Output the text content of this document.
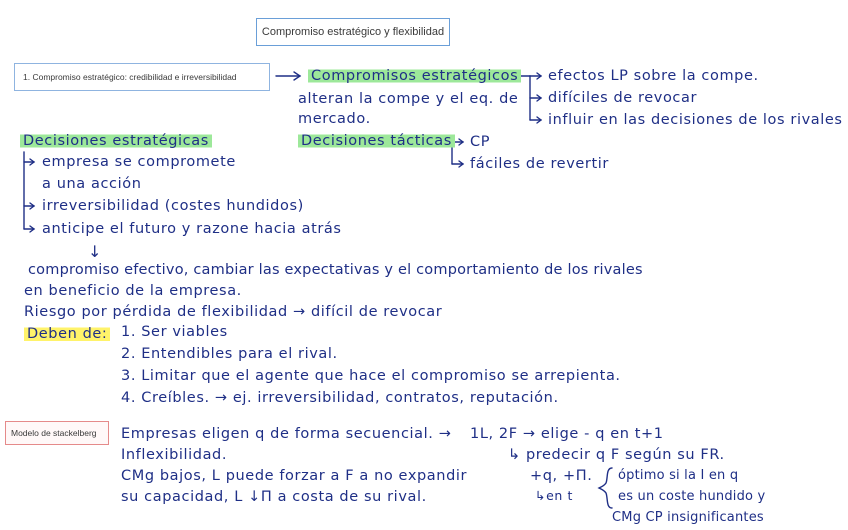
Compromiso estratégico y flexibilidad
1. Compromiso estratégico: credibilidad e irreversibilidad
Modelo de stackelberg
Compromisos estratégicos
alteran la compe y el eq. de
mercado.
efectos LP sobre la compe.
difíciles de revocar
influir en las decisiones de los rivales
Decisiones tácticas CP
fáciles de revertir
Decisiones estratégicas
empresa se compromete
a una acción
irreversibilidad (costes hundidos)
anticipe el futuro y razone hacia atrás
↓
compromiso efectivo, cambiar las expectativas y el comportamiento de los rivales
en beneficio de la empresa.
Riesgo por pérdida de flexibilidad → difícil de revocar
Deben de: 1. Ser viables
2. Entendibles para el rival.
3. Limitar que el agente que hace el compromiso se arrepienta.
4. Creíbles. → ej. irreversibilidad, contratos, reputación.
Empresas eligen q de forma secuencial. →
Inflexibilidad.
CMg bajos, L puede forzar a F a no expandir
su capacidad, L ↓Π a costa de su rival.
1L, 2F → elige - q en t+1
↳ predecir q F según su FR.
+q, +Π.
↳en t
óptimo si la I en q
es un coste hundido y
CMg CP insignificantes
